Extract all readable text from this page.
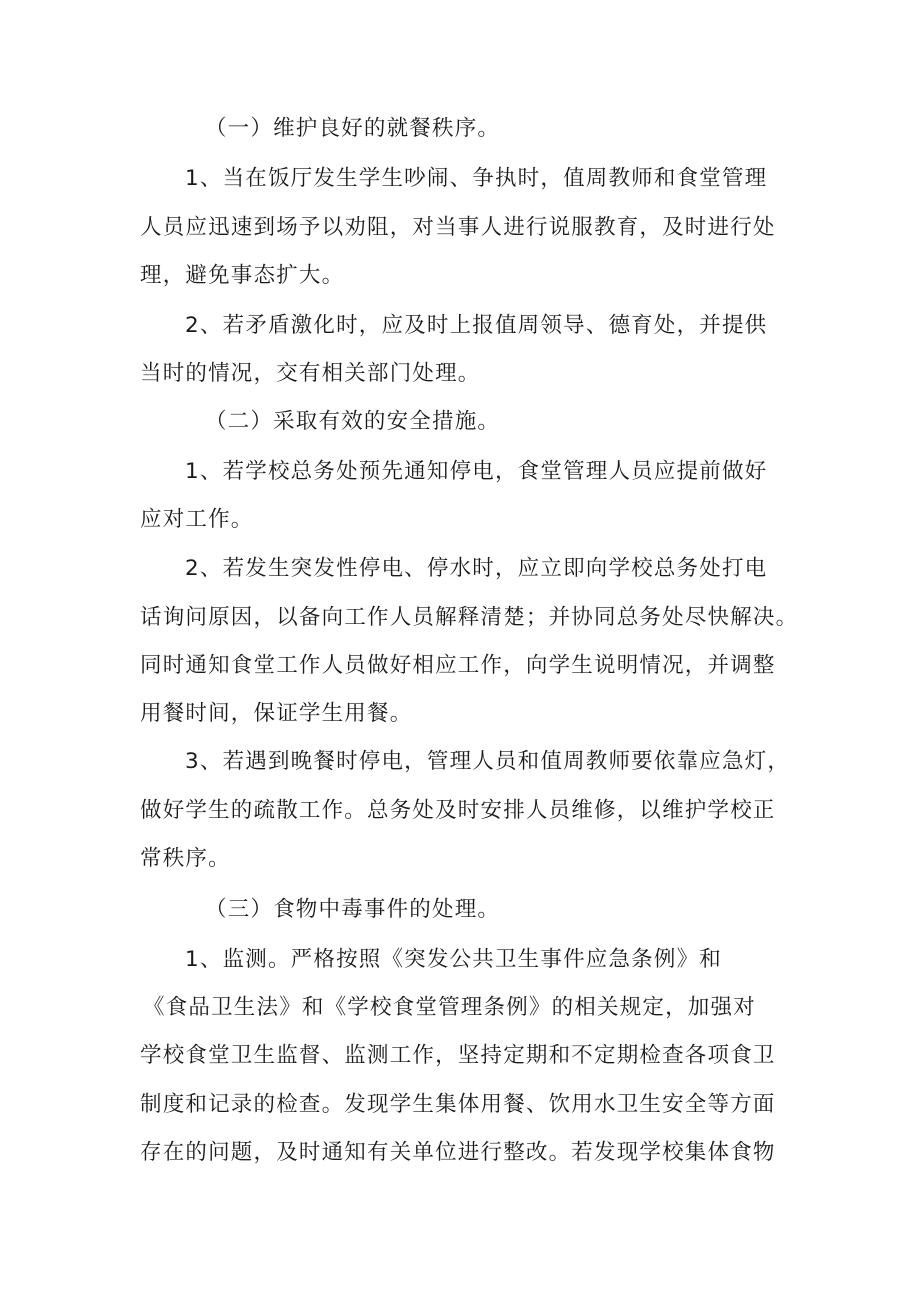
（一）维护良好的就餐秩序。
1、当在饭厅发生学生吵闹、争执时，值周教师和食堂管理
人员应迅速到场予以劝阻，对当事人进行说服教育，及时进行处
理，避免事态扩大。
2、若矛盾激化时，应及时上报值周领导、德育处，并提供
当时的情况，交有相关部门处理。
（二）采取有效的安全措施。
1、若学校总务处预先通知停电，食堂管理人员应提前做好
应对工作。
2、若发生突发性停电、停水时，应立即向学校总务处打电
话询问原因，以备向工作人员解释清楚；并协同总务处尽快解决。
同时通知食堂工作人员做好相应工作，向学生说明情况，并调整
用餐时间，保证学生用餐。
3、若遇到晚餐时停电，管理人员和值周教师要依靠应急灯，
做好学生的疏散工作。总务处及时安排人员维修，以维护学校正
常秩序。
（三）食物中毒事件的处理。
1、监测。严格按照《突发公共卫生事件应急条例》和
《食品卫生法》和《学校食堂管理条例》的相关规定，加强对
学校食堂卫生监督、监测工作，坚持定期和不定期检查各项食卫
制度和记录的检查。发现学生集体用餐、饮用水卫生安全等方面
存在的问题，及时通知有关单位进行整改。若发现学校集体食物
